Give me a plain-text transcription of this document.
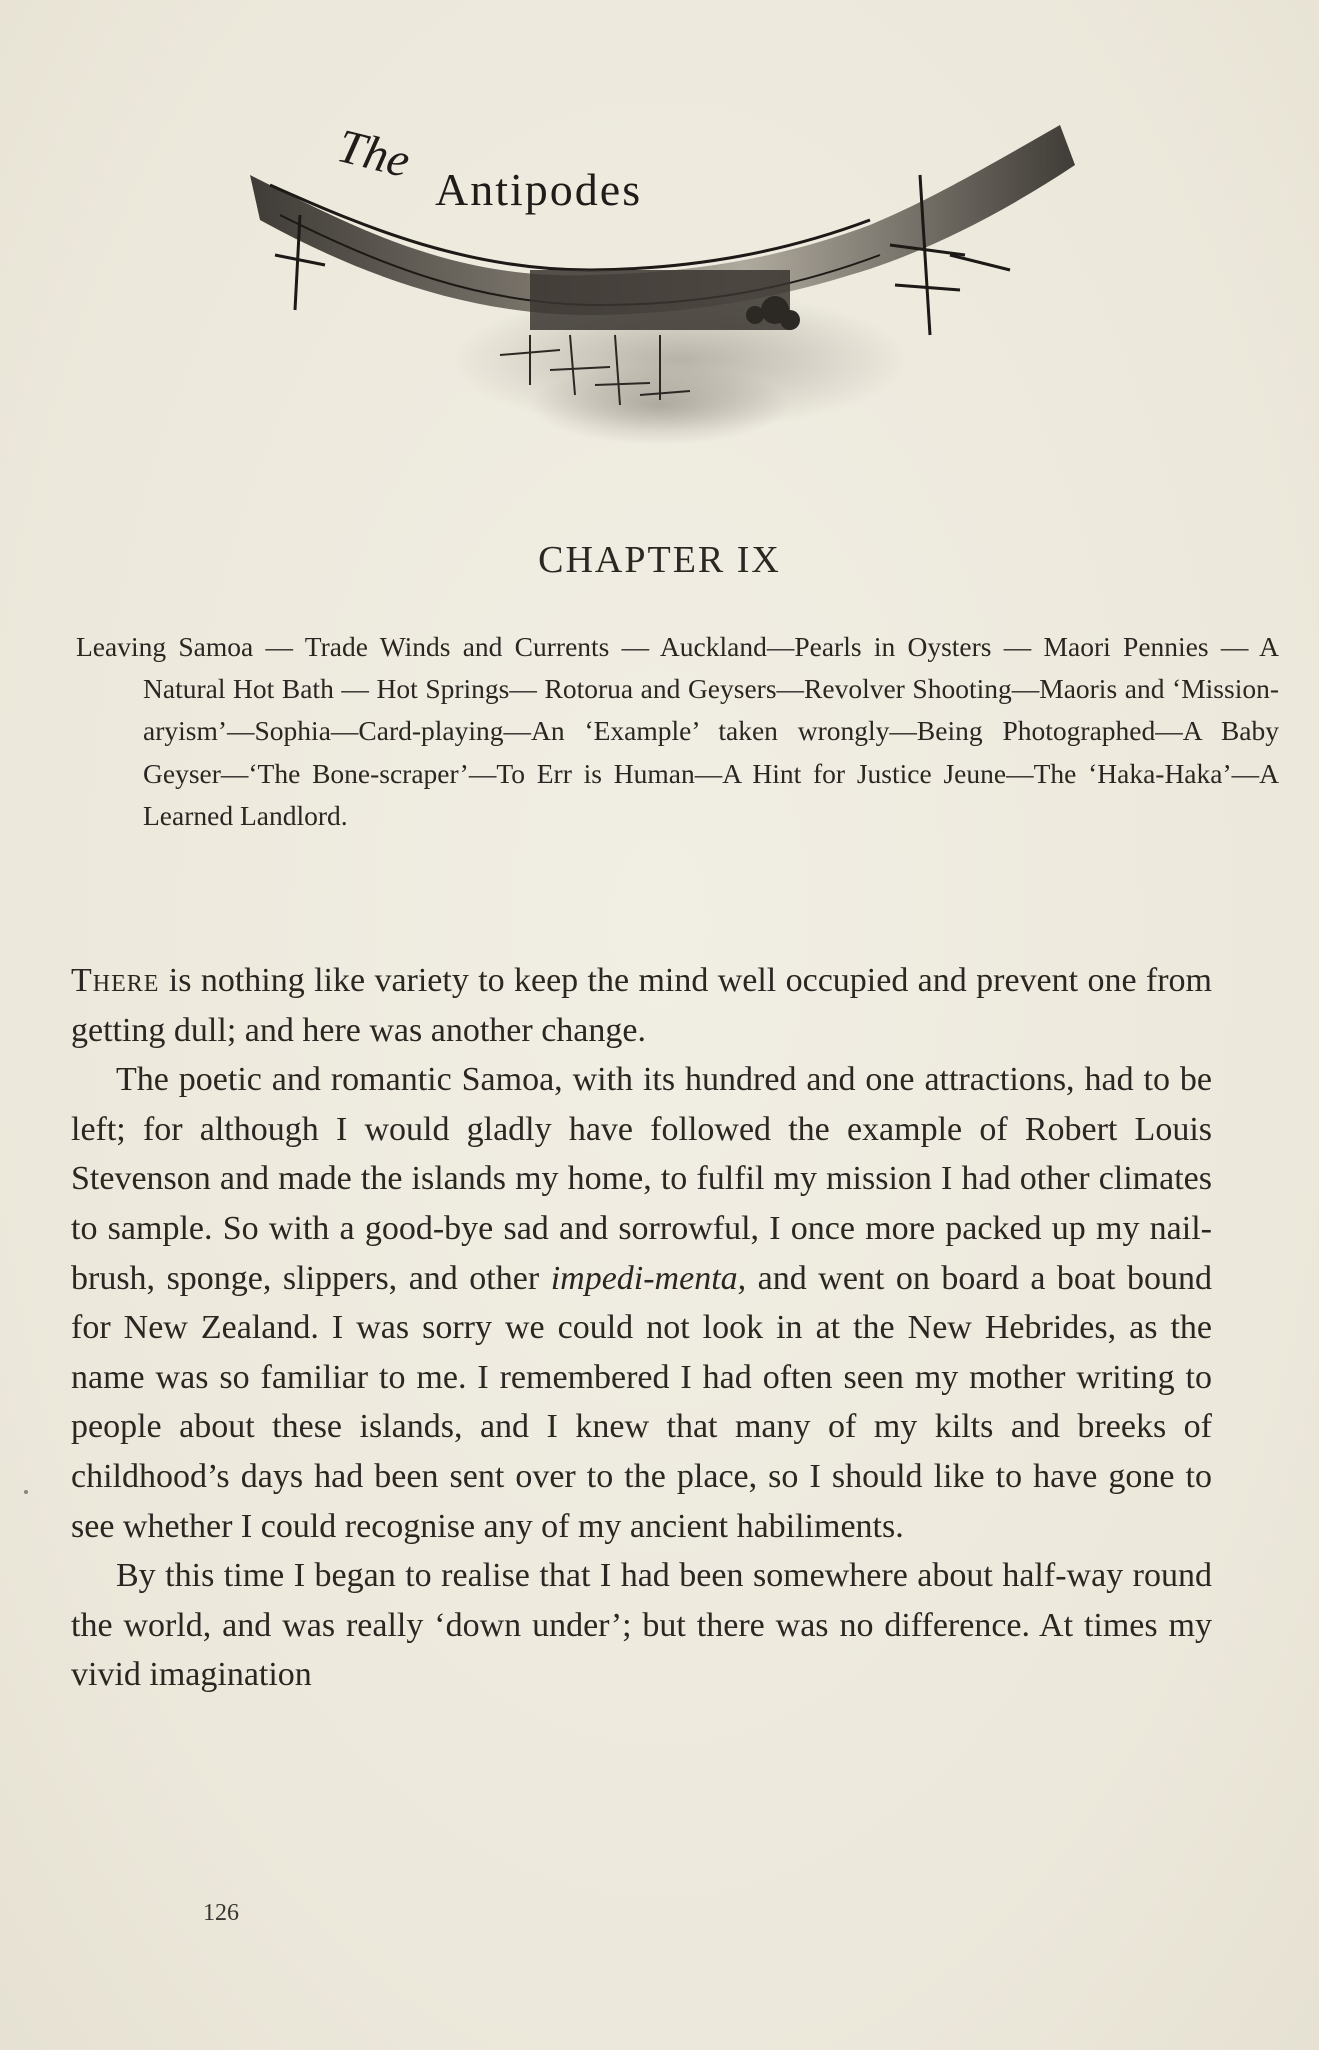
The
Antipodes
CHAPTER IX
Leaving Samoa — Trade Winds and Currents — Auckland—Pearls in Oysters — Maori Pennies — A Natural Hot Bath — Hot Springs— Rotorua and Geysers—Revolver Shooting—Maoris and ‘Mission-aryism’—Sophia—Card-playing—An ‘Example’ taken wrongly—Being Photographed—A Baby Geyser—‘The Bone-scraper’—To Err is Human—A Hint for Justice Jeune—The ‘Haka-Haka’—A Learned Landlord.

There is nothing like variety to keep the mind well occupied and prevent one from getting dull; and here was another change.

The poetic and romantic Samoa, with its hundred and one attractions, had to be left; for although I would gladly have followed the example of Robert Louis Stevenson and made the islands my home, to fulfil my mission I had other climates to sample. So with a good-bye sad and sorrowful, I once more packed up my nail-brush, sponge, slippers, and other impedi-menta, and went on board a boat bound for New Zealand. I was sorry we could not look in at the New Hebrides, as the name was so familiar to me. I remembered I had often seen my mother writing to people about these islands, and I knew that many of my kilts and breeks of childhood’s days had been sent over to the place, so I should like to have gone to see whether I could recognise any of my ancient habiliments.

By this time I began to realise that I had been somewhere about half-way round the world, and was really ‘down under’; but there was no difference. At times my vivid imagination

126
